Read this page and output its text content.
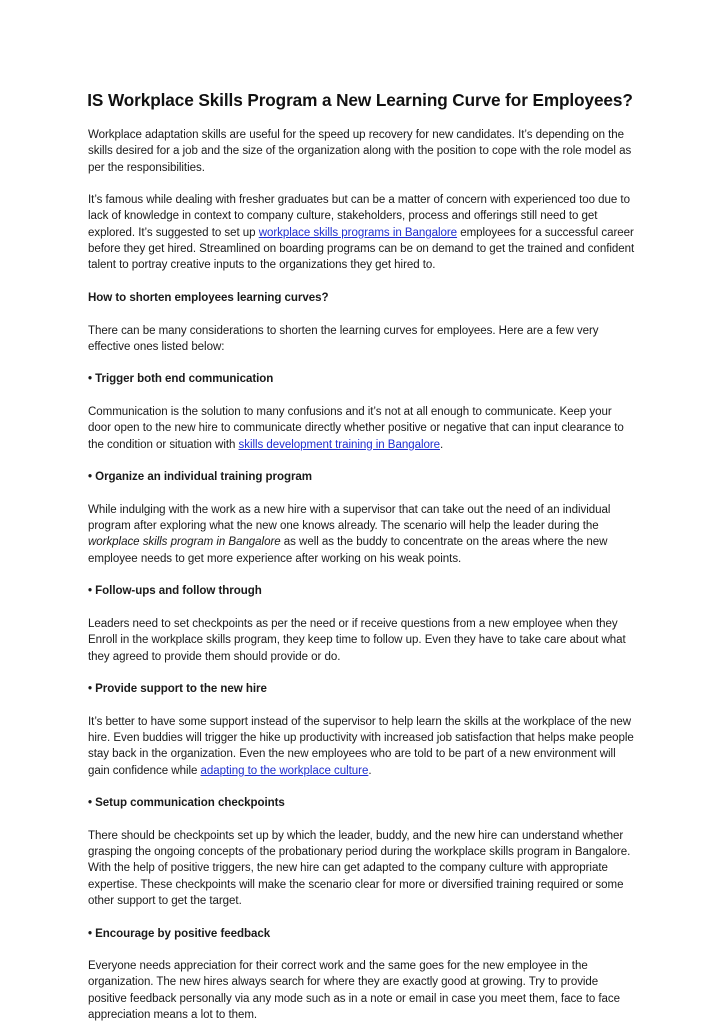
IS Workplace Skills Program a New Learning Curve for Employees?

Workplace adaptation skills are useful for the speed up recovery for new candidates. It’s depending on the skills desired for a job and the size of the organization along with the position to cope with the role model as per the responsibilities.

It’s famous while dealing with fresher graduates but can be a matter of concern with experienced too due to lack of knowledge in context to company culture, stakeholders, process and offerings still need to get explored. It’s suggested to set up workplace skills programs in Bangalore employees for a successful career before they get hired. Streamlined on boarding programs can be on demand to get the trained and confident talent to portray creative inputs to the organizations they get hired to.

How to shorten employees learning curves?

There can be many considerations to shorten the learning curves for employees. Here are a few very effective ones listed below:

• Trigger both end communication

Communication is the solution to many confusions and it’s not at all enough to communicate. Keep your door open to the new hire to communicate directly whether positive or negative that can input clearance to the condition or situation with skills development training in Bangalore.

• Organize an individual training program

While indulging with the work as a new hire with a supervisor that can take out the need of an individual program after exploring what the new one knows already. The scenario will help the leader during the workplace skills program in Bangalore as well as the buddy to concentrate on the areas where the new employee needs to get more experience after working on his weak points.

• Follow-ups and follow through

Leaders need to set checkpoints as per the need or if receive questions from a new employee when they Enroll in the workplace skills program, they keep time to follow up. Even they have to take care about what they agreed to provide them should provide or do.

• Provide support to the new hire

It’s better to have some support instead of the supervisor to help learn the skills at the workplace of the new hire. Even buddies will trigger the hike up productivity with increased job satisfaction that helps make people stay back in the organization. Even the new employees who are told to be part of a new environment will gain confidence while adapting to the workplace culture.

• Setup communication checkpoints

There should be checkpoints set up by which the leader, buddy, and the new hire can understand whether grasping the ongoing concepts of the probationary period during the workplace skills program in Bangalore. With the help of positive triggers, the new hire can get adapted to the company culture with appropriate expertise. These checkpoints will make the scenario clear for more or diversified training required or some other support to get the target.

• Encourage by positive feedback

Everyone needs appreciation for their correct work and the same goes for the new employee in the organization. The new hires always search for where they are exactly good at growing. Try to provide positive feedback personally via any mode such as in a note or email in case you meet them, face to face appreciation means a lot to them.
